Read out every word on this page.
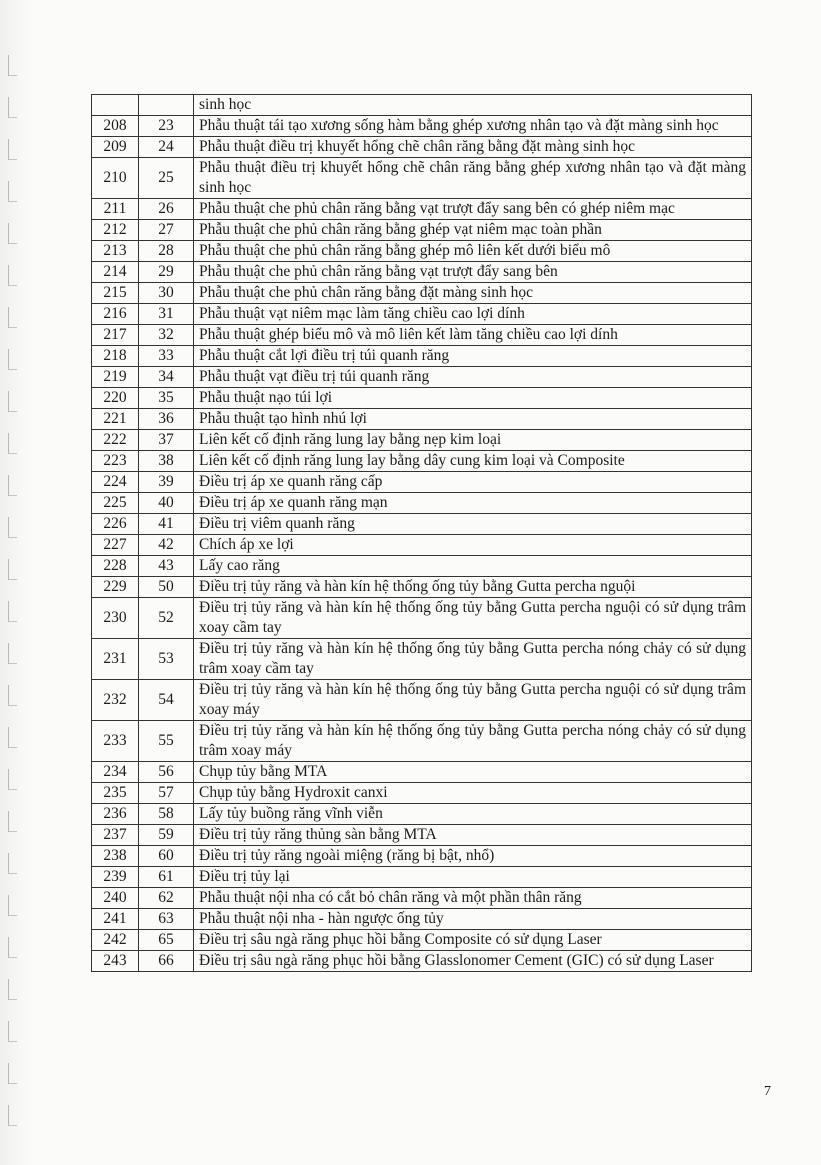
		sinh học
208	23	Phẫu thuật tái tạo xương sống hàm bằng ghép xương nhân tạo và đặt màng sinh học
209	24	Phẫu thuật điều trị khuyết hổng chẽ chân răng bằng đặt màng sinh học
210	25	Phẫu thuật điều trị khuyết hổng chẽ chân răng bằng ghép xương nhân tạo và đặt màng sinh học
211	26	Phẫu thuật che phủ chân răng bằng vạt trượt đẩy sang bên có ghép niêm mạc
212	27	Phẫu thuật che phủ chân răng bằng ghép vạt niêm mạc toàn phần
213	28	Phẫu thuật che phủ chân răng bằng ghép mô liên kết dưới biểu mô
214	29	Phẫu thuật che phủ chân răng bằng vạt trượt đẩy sang bên
215	30	Phẫu thuật che phủ chân răng bằng đặt màng sinh học
216	31	Phẫu thuật vạt niêm mạc làm tăng chiều cao lợi dính
217	32	Phẫu thuật ghép biểu mô và mô liên kết làm tăng chiều cao lợi dính
218	33	Phẫu thuật cắt lợi điều trị túi quanh răng
219	34	Phẫu thuật vạt điều trị túi quanh răng
220	35	Phẫu thuật nạo túi lợi
221	36	Phẫu thuật tạo hình nhú lợi
222	37	Liên kết cố định răng lung lay bằng nẹp kim loại
223	38	Liên kết cố định răng lung lay bằng dây cung kim loại và Composite
224	39	Điều trị áp xe quanh răng cấp
225	40	Điều trị áp xe quanh răng mạn
226	41	Điều trị viêm quanh răng
227	42	Chích áp xe lợi
228	43	Lấy cao răng
229	50	Điều trị tủy răng và hàn kín hệ thống ống tủy bằng Gutta percha nguội
230	52	Điều trị tủy răng và hàn kín hệ thống ống tủy bằng Gutta percha nguội có sử dụng trâm xoay cầm tay
231	53	Điều trị tủy răng và hàn kín hệ thống ống tủy bằng Gutta percha nóng chảy có sử dụng trâm xoay cầm tay
232	54	Điều trị tủy răng và hàn kín hệ thống ống tủy bằng Gutta percha nguội có sử dụng trâm xoay máy
233	55	Điều trị tủy răng và hàn kín hệ thống ống tủy bằng Gutta percha nóng chảy có sử dụng trâm xoay máy
234	56	Chụp tủy bằng MTA
235	57	Chụp tủy bằng Hydroxit canxi
236	58	Lấy tủy buồng răng vĩnh viễn
237	59	Điều trị tủy răng thủng sàn bằng MTA
238	60	Điều trị tủy răng ngoài miệng (răng bị bật, nhổ)
239	61	Điều trị tủy lại
240	62	Phẫu thuật nội nha có cắt bỏ chân răng và một phần thân răng
241	63	Phẫu thuật nội nha - hàn ngược ống tủy
242	65	Điều trị sâu ngà răng phục hồi bằng Composite có sử dụng Laser
243	66	Điều trị sâu ngà răng phục hồi bằng Glasslonomer Cement (GIC) có sử dụng Laser
7
